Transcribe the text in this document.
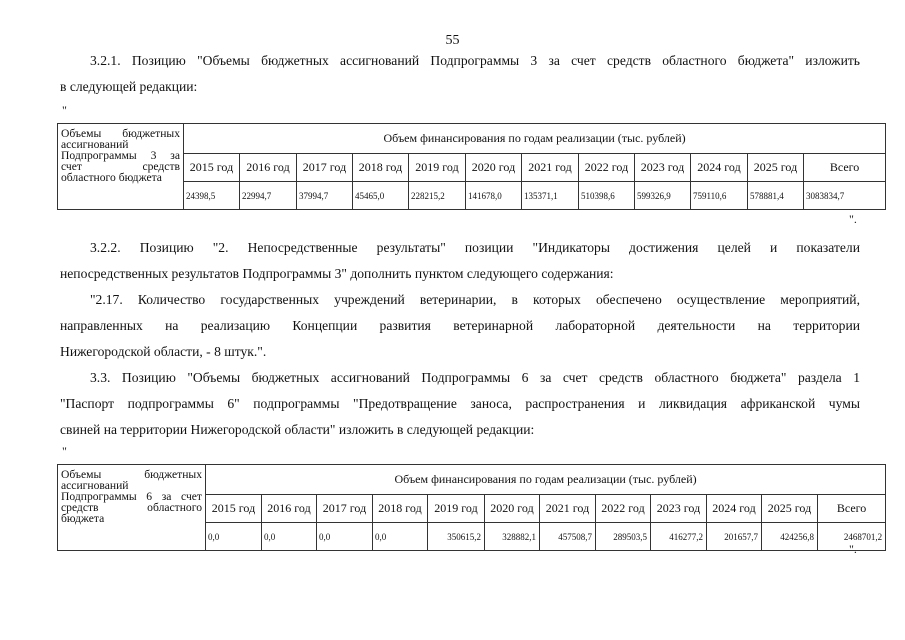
55
3.2.1. Позицию "Объемы бюджетных ассигнований Подпрограммы 3 за счет средств областного бюджета" изложить
в следующей редакции:
"
Объемы бюджетных ассигнований Подпрограммы 3 за счет средств областного бюджета	Объем финансирования по годам реализации (тыс. рублей)											
	2015 год	2016 год	2017 год	2018 год	2019 год	2020 год	2021 год	2022 год	2023 год	2024 год	2025 год	Всего
	24398,5	22994,7	37994,7	45465,0	228215,2	141678,0	135371,1	510398,6	599326,9	759110,6	578881,4	3083834,7
".
3.2.2. Позицию "2. Непосредственные результаты" позиции "Индикаторы достижения целей и показатели
непосредственных результатов Подпрограммы 3" дополнить пунктом следующего содержания:
"2.17. Количество государственных учреждений ветеринарии, в которых обеспечено осуществление мероприятий,
направленных на реализацию Концепции развития ветеринарной лабораторной деятельности на территории
Нижегородской области, - 8 штук.".
3.3. Позицию "Объемы бюджетных ассигнований Подпрограммы 6 за счет средств областного бюджета" раздела 1
"Паспорт подпрограммы 6" подпрограммы "Предотвращение заноса, распространения и ликвидация африканской чумы
свиней на территории Нижегородской области" изложить в следующей редакции:
"
Объемы бюджетных ассигнований Подпрограммы 6 за счет средств областного бюджета	Объем финансирования по годам реализации (тыс. рублей)											
	2015 год	2016 год	2017 год	2018 год	2019 год	2020 год	2021 год	2022 год	2023 год	2024 год	2025 год	Всего
	0,0	0,0	0,0	0,0	350615,2	328882,1	457508,7	289503,5	416277,2	201657,7	424256,8	2468701,2
".
